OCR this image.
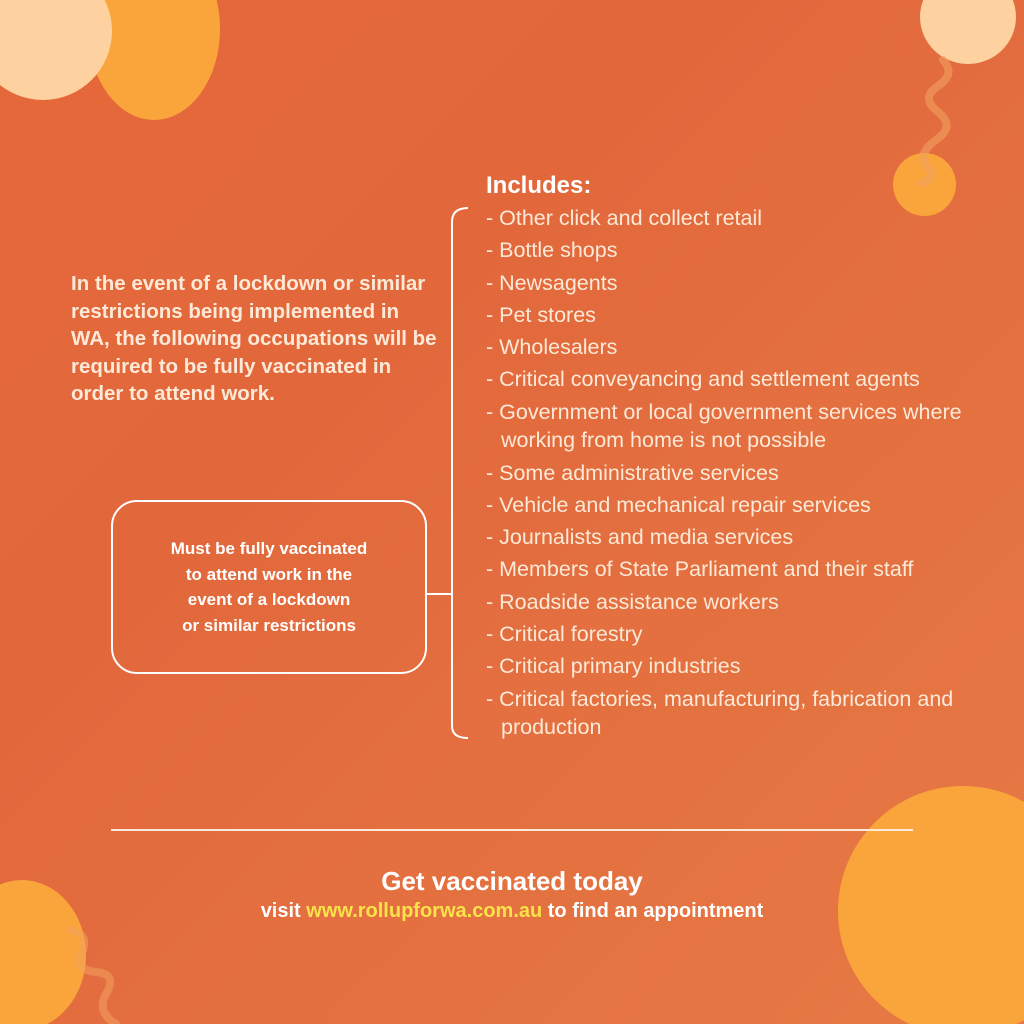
In the event of a lockdown or similar restrictions being implemented in WA, the following occupations will be required to be fully vaccinated in order to attend work.
Must be fully vaccinated
to attend work in the
event of a lockdown
or similar restrictions
Includes:
- Other click and collect retail
- Bottle shops
- Newsagents
- Pet stores
- Wholesalers
- Critical conveyancing and settlement agents
- Government or local government services where working from home is not possible
- Some administrative services
- Vehicle and mechanical repair services
- Journalists and media services
- Members of State Parliament and their staff
- Roadside assistance workers
- Critical forestry
- Critical primary industries
- Critical factories, manufacturing, fabrication and production
Get vaccinated today
visit www.rollupforwa.com.au to find an appointment
